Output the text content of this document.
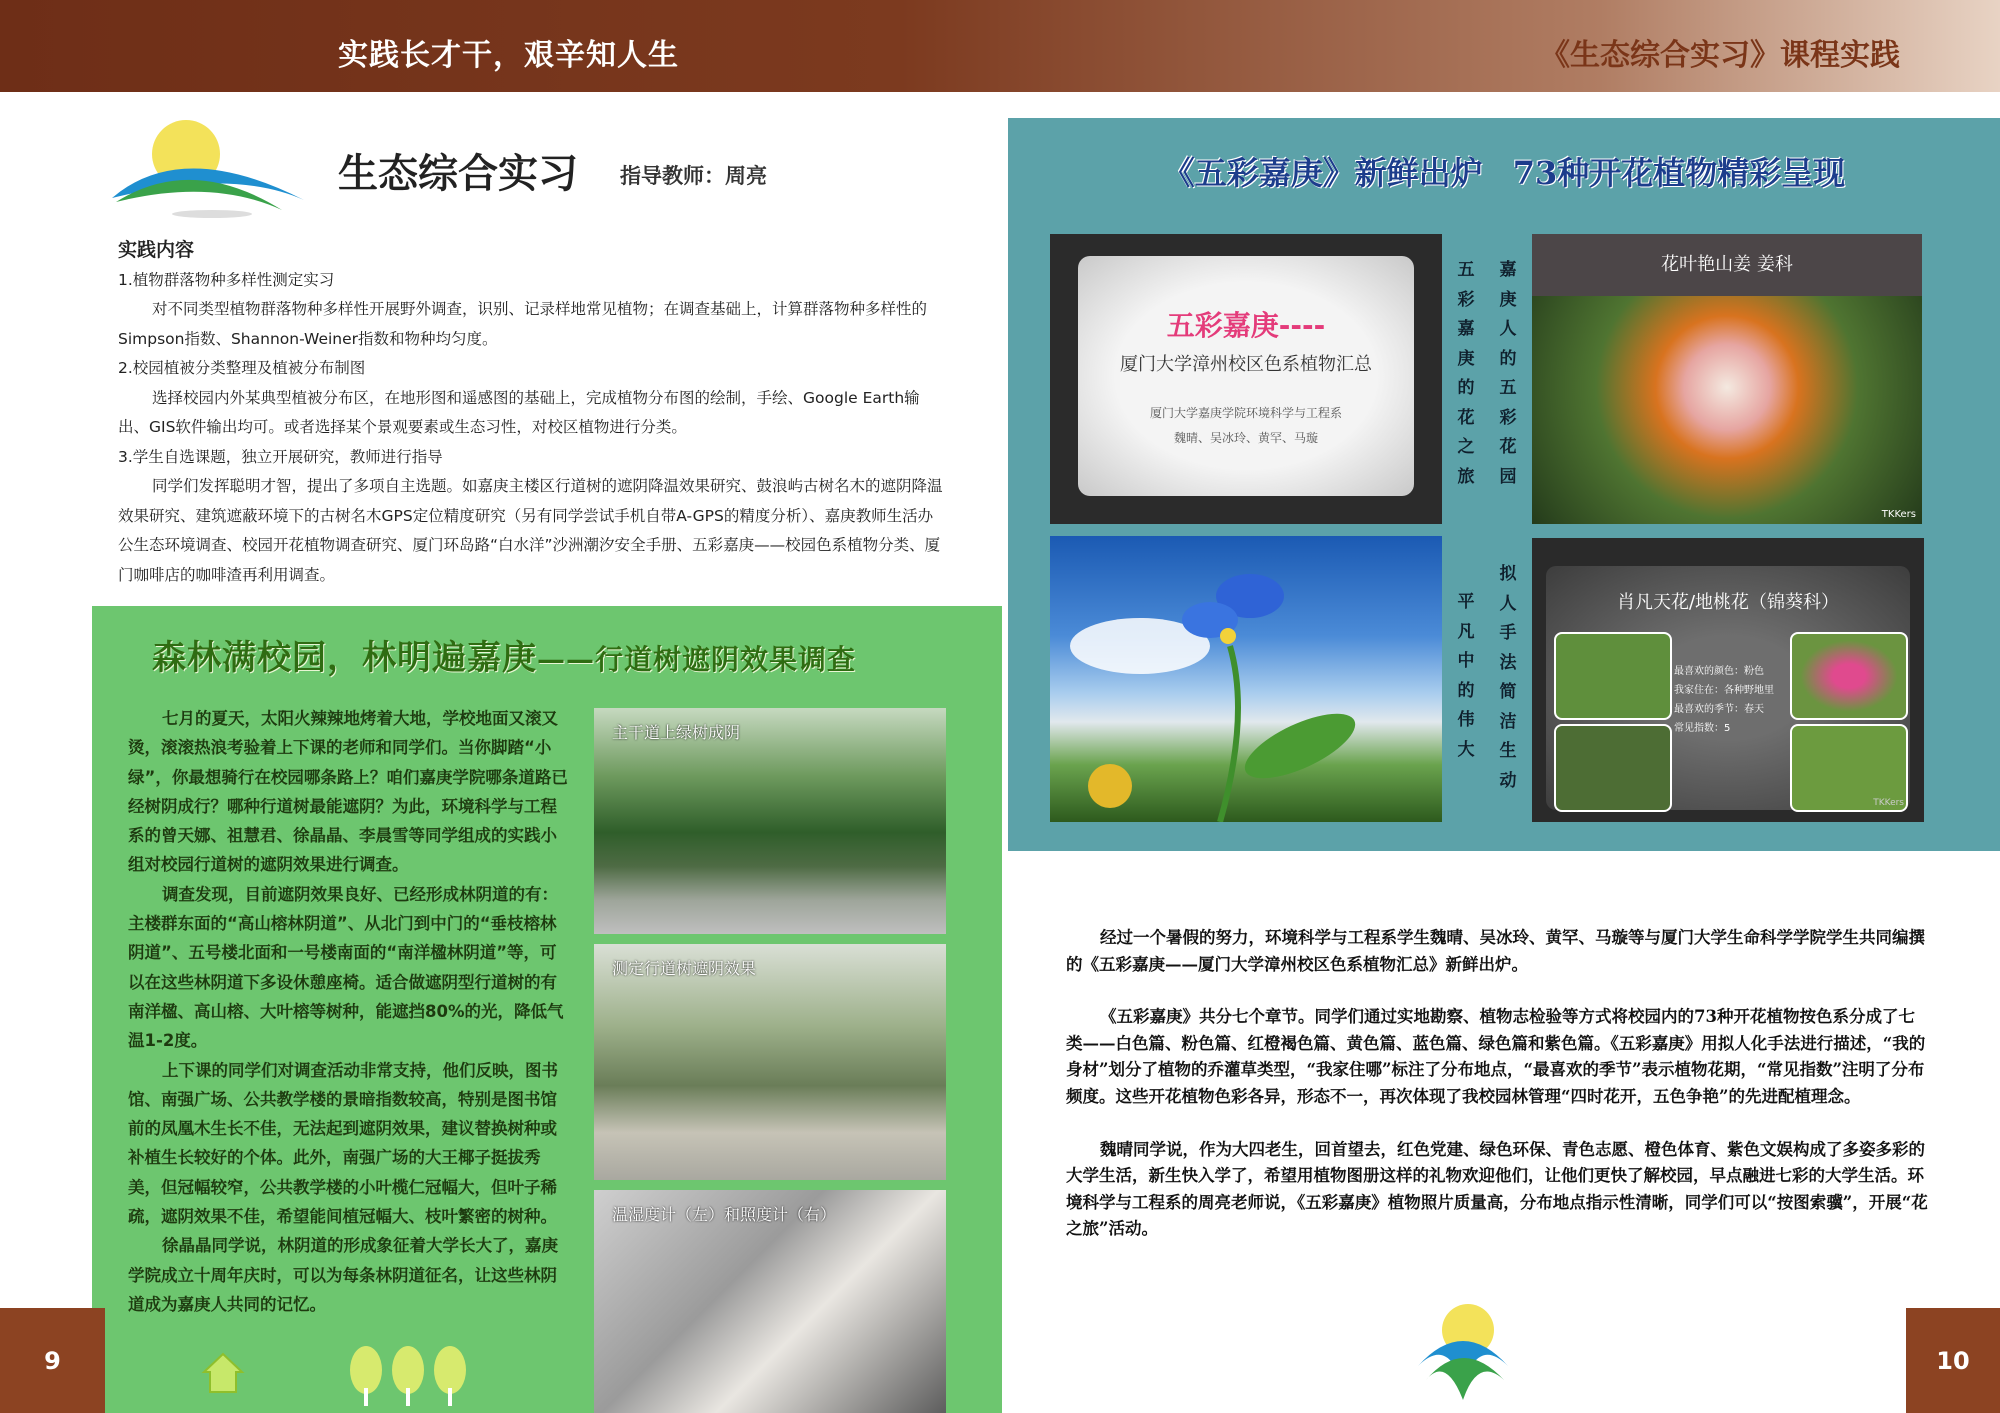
实践长才干，艰辛知人生	《生态综合实习》课程实践
生态综合实习 指导教师：周亮
实践内容
1.植物群落物种多样性测定实习
对不同类型植物群落物种多样性开展野外调查，识别、记录样地常见植物；在调查基础上，计算群落物种多样性的Simpson指数、Shannon-Weiner指数和物种均匀度。
2.校园植被分类整理及植被分布制图
选择校园内外某典型植被分布区，在地形图和遥感图的基础上，完成植物分布图的绘制，手绘、Google Earth输出、GIS软件输出均可。或者选择某个景观要素或生态习性，对校区植物进行分类。
3.学生自选课题，独立开展研究，教师进行指导
同学们发挥聪明才智，提出了多项自主选题。如嘉庚主楼区行道树的遮阴降温效果研究、鼓浪屿古树名木的遮阴降温效果研究、建筑遮蔽环境下的古树名木GPS定位精度研究（另有同学尝试手机自带A-GPS的精度分析）、嘉庚教师生活办公生态环境调查、校园开花植物调查研究、厦门环岛路“白水洋”沙洲潮汐安全手册、五彩嘉庚——校园色系植物分类、厦门咖啡店的咖啡渣再利用调查。
森林满校园，林明遍嘉庚——行道树遮阴效果调查

七月的夏天，太阳火辣辣地烤着大地，学校地面又滚又烫，滚滚热浪考验着上下课的老师和同学们。当你脚踏“小绿”，你最想骑行在校园哪条路上？咱们嘉庚学院哪条道路已经树阴成行？哪种行道树最能遮阴？为此，环境科学与工程系的曾天娜、祖慧君、徐晶晶、李晨雪等同学组成的实践小组对校园行道树的遮阴效果进行调查。

调查发现，目前遮阴效果良好、已经形成林阴道的有：主楼群东面的“高山榕林阴道”、从北门到中门的“垂枝榕林阴道”、五号楼北面和一号楼南面的“南洋楹林阴道”等，可以在这些林阴道下多设休憩座椅。适合做遮阴型行道树的有南洋楹、高山榕、大叶榕等树种，能遮挡80%的光，降低气温1-2度。

上下课的同学们对调查活动非常支持，他们反映，图书馆、南强广场、公共教学楼的景暗指数较高，特别是图书馆前的凤凰木生长不佳，无法起到遮阴效果，建议替换树种或补植生长较好的个体。此外，南强广场的大王椰子挺拔秀美，但冠幅较窄，公共教学楼的小叶榄仁冠幅大，但叶子稀疏，遮阴效果不佳，希望能间植冠幅大、枝叶繁密的树种。

徐晶晶同学说，林阴道的形成象征着大学长大了，嘉庚学院成立十周年庆时，可以为每条林阴道征名，让这些林阴道成为嘉庚人共同的记忆。

主干道上绿树成阴
测定行道树遮阴效果
温湿度计（左）和照度计（右）
9
《五彩嘉庚》新鲜出炉 73种开花植物精彩呈现
五彩嘉庚----
厦门大学漳州校区色系植物汇总
厦门大学嘉庚学院环境科学与工程系
魏晴、吴冰玲、黄罕、马璇
五彩嘉庚的花之旅
嘉庚人的五彩花园
平凡中的伟大
拟人手法简洁生动
花叶艳山姜 姜科
TKKers
肖凡天花/地桃花（锦葵科）
最喜欢的颜色：粉色
我家住在：各种野地里
最喜欢的季节：春天
常见指数：5
TKKers

经过一个暑假的努力，环境科学与工程系学生魏晴、吴冰玲、黄罕、马璇等与厦门大学生命科学学院学生共同编撰的《五彩嘉庚——厦门大学漳州校区色系植物汇总》新鲜出炉。

《五彩嘉庚》共分七个章节。同学们通过实地勘察、植物志检验等方式将校园内的73种开花植物按色系分成了七类——白色篇、粉色篇、红橙褐色篇、黄色篇、蓝色篇、绿色篇和紫色篇。《五彩嘉庚》用拟人化手法进行描述，“我的身材”划分了植物的乔灌草类型，“我家住哪”标注了分布地点，“最喜欢的季节”表示植物花期，“常见指数”注明了分布频度。这些开花植物色彩各异，形态不一，再次体现了我校园林管理“四时花开，五色争艳”的先进配植理念。

魏晴同学说，作为大四老生，回首望去，红色党建、绿色环保、青色志愿、橙色体育、紫色文娱构成了多姿多彩的大学生活，新生快入学了，希望用植物图册这样的礼物欢迎他们，让他们更快了解校园，早点融进七彩的大学生活。环境科学与工程系的周亮老师说，《五彩嘉庚》植物照片质量高，分布地点指示性清晰，同学们可以“按图索骥”，开展“花之旅”活动。

10
